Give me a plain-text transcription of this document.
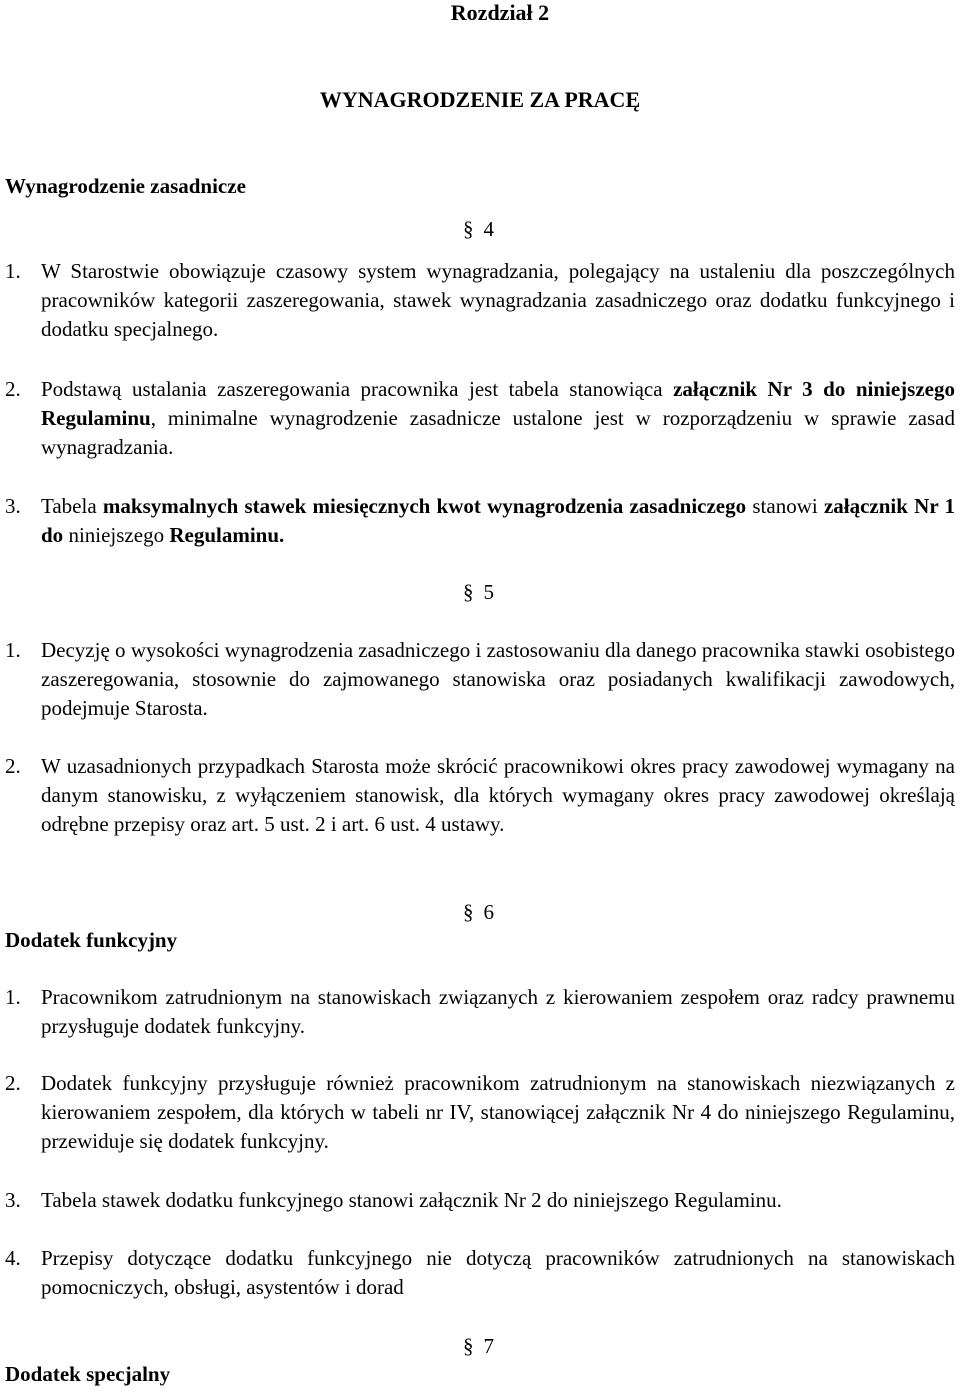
Rozdział 2
WYNAGRODZENIE ZA PRACĘ
Wynagrodzenie zasadnicze
§ 4
1. W Starostwie obowiązuje czasowy system wynagradzania, polegający na ustaleniu dla poszczególnych pracowników kategorii zaszeregowania, stawek wynagradzania zasadniczego oraz dodatku funkcyjnego i dodatku specjalnego.
2. Podstawą ustalania zaszeregowania pracownika jest tabela stanowiąca załącznik Nr 3 do niniejszego Regulaminu, minimalne wynagrodzenie zasadnicze ustalone jest w rozporządzeniu w sprawie zasad wynagradzania.
3. Tabela maksymalnych stawek miesięcznych kwot wynagrodzenia zasadniczego stanowi załącznik Nr 1 do niniejszego Regulaminu.
§ 5
1. Decyzję o wysokości wynagrodzenia zasadniczego i zastosowaniu dla danego pracownika stawki osobistego zaszeregowania, stosownie do zajmowanego stanowiska oraz posiadanych kwalifikacji zawodowych, podejmuje Starosta.
2. W uzasadnionych przypadkach Starosta może skrócić pracownikowi okres pracy zawodowej wymagany na danym stanowisku, z wyłączeniem stanowisk, dla których wymagany okres pracy zawodowej określają odrębne przepisy oraz art. 5 ust. 2 i art. 6 ust. 4 ustawy.
§ 6
Dodatek funkcyjny
1. Pracownikom zatrudnionym na stanowiskach związanych z kierowaniem zespołem oraz radcy prawnemu przysługuje dodatek funkcyjny.
2. Dodatek funkcyjny przysługuje również pracownikom zatrudnionym na stanowiskach niezwiązanych z kierowaniem zespołem, dla których w tabeli nr IV, stanowiącej załącznik Nr 4 do niniejszego Regulaminu, przewiduje się dodatek funkcyjny.
3. Tabela stawek dodatku funkcyjnego stanowi załącznik Nr 2 do niniejszego Regulaminu.
4. Przepisy dotyczące dodatku funkcyjnego nie dotyczą pracowników zatrudnionych na stanowiskach pomocniczych, obsługi, asystentów i dorad
§ 7
Dodatek specjalny
